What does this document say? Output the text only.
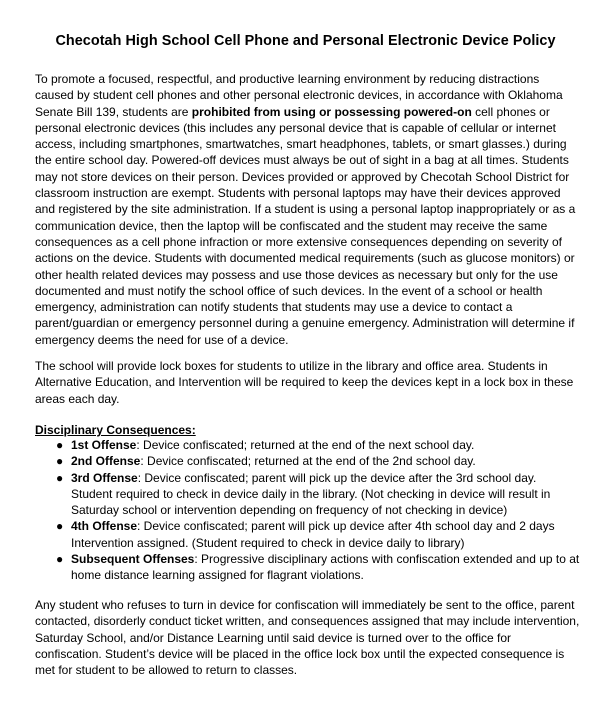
Checotah High School Cell Phone and Personal Electronic Device Policy

To promote a focused, respectful, and productive learning environment by reducing distractions caused by student cell phones and other personal electronic devices, in accordance with Oklahoma Senate Bill 139, students are prohibited from using or possessing powered-on cell phones or personal electronic devices (this includes any personal device that is capable of cellular or internet access, including smartphones, smartwatches, smart headphones, tablets, or smart glasses.) during the entire school day. Powered-off devices must always be out of sight in a bag at all times. Students may not store devices on their person. Devices provided or approved by Checotah School District for classroom instruction are exempt. Students with personal laptops may have their devices approved and registered by the site administration. If a student is using a personal laptop inappropriately or as a communication device, then the laptop will be confiscated and the student may receive the same consequences as a cell phone infraction or more extensive consequences depending on severity of actions on the device. Students with documented medical requirements (such as glucose monitors) or other health related devices may possess and use those devices as necessary but only for the use documented and must notify the school office of such devices. In the event of a school or health emergency, administration can notify students that students may use a device to contact a parent/guardian or emergency personnel during a genuine emergency. Administration will determine if emergency deems the need for use of a device.

The school will provide lock boxes for students to utilize in the library and office area. Students in Alternative Education, and Intervention will be required to keep the devices kept in a lock box in these areas each day.

Disciplinary Consequences:

● 1st Offense: Device confiscated; returned at the end of the next school day.
● 2nd Offense: Device confiscated; returned at the end of the 2nd school day.
● 3rd Offense: Device confiscated; parent will pick up the device after the 3rd school day. Student required to check in device daily in the library. (Not checking in device will result in Saturday school or intervention depending on frequency of not checking in device)
● 4th Offense: Device confiscated; parent will pick up device after 4th school day and 2 days Intervention assigned. (Student required to check in device daily to library)
● Subsequent Offenses: Progressive disciplinary actions with confiscation extended and up to at home distance learning assigned for flagrant violations.

Any student who refuses to turn in device for confiscation will immediately be sent to the office, parent contacted, disorderly conduct ticket written, and consequences assigned that may include intervention, Saturday School, and/or Distance Learning until said device is turned over to the office for confiscation. Student’s device will be placed in the office lock box until the expected consequence is met for student to be allowed to return to classes.
